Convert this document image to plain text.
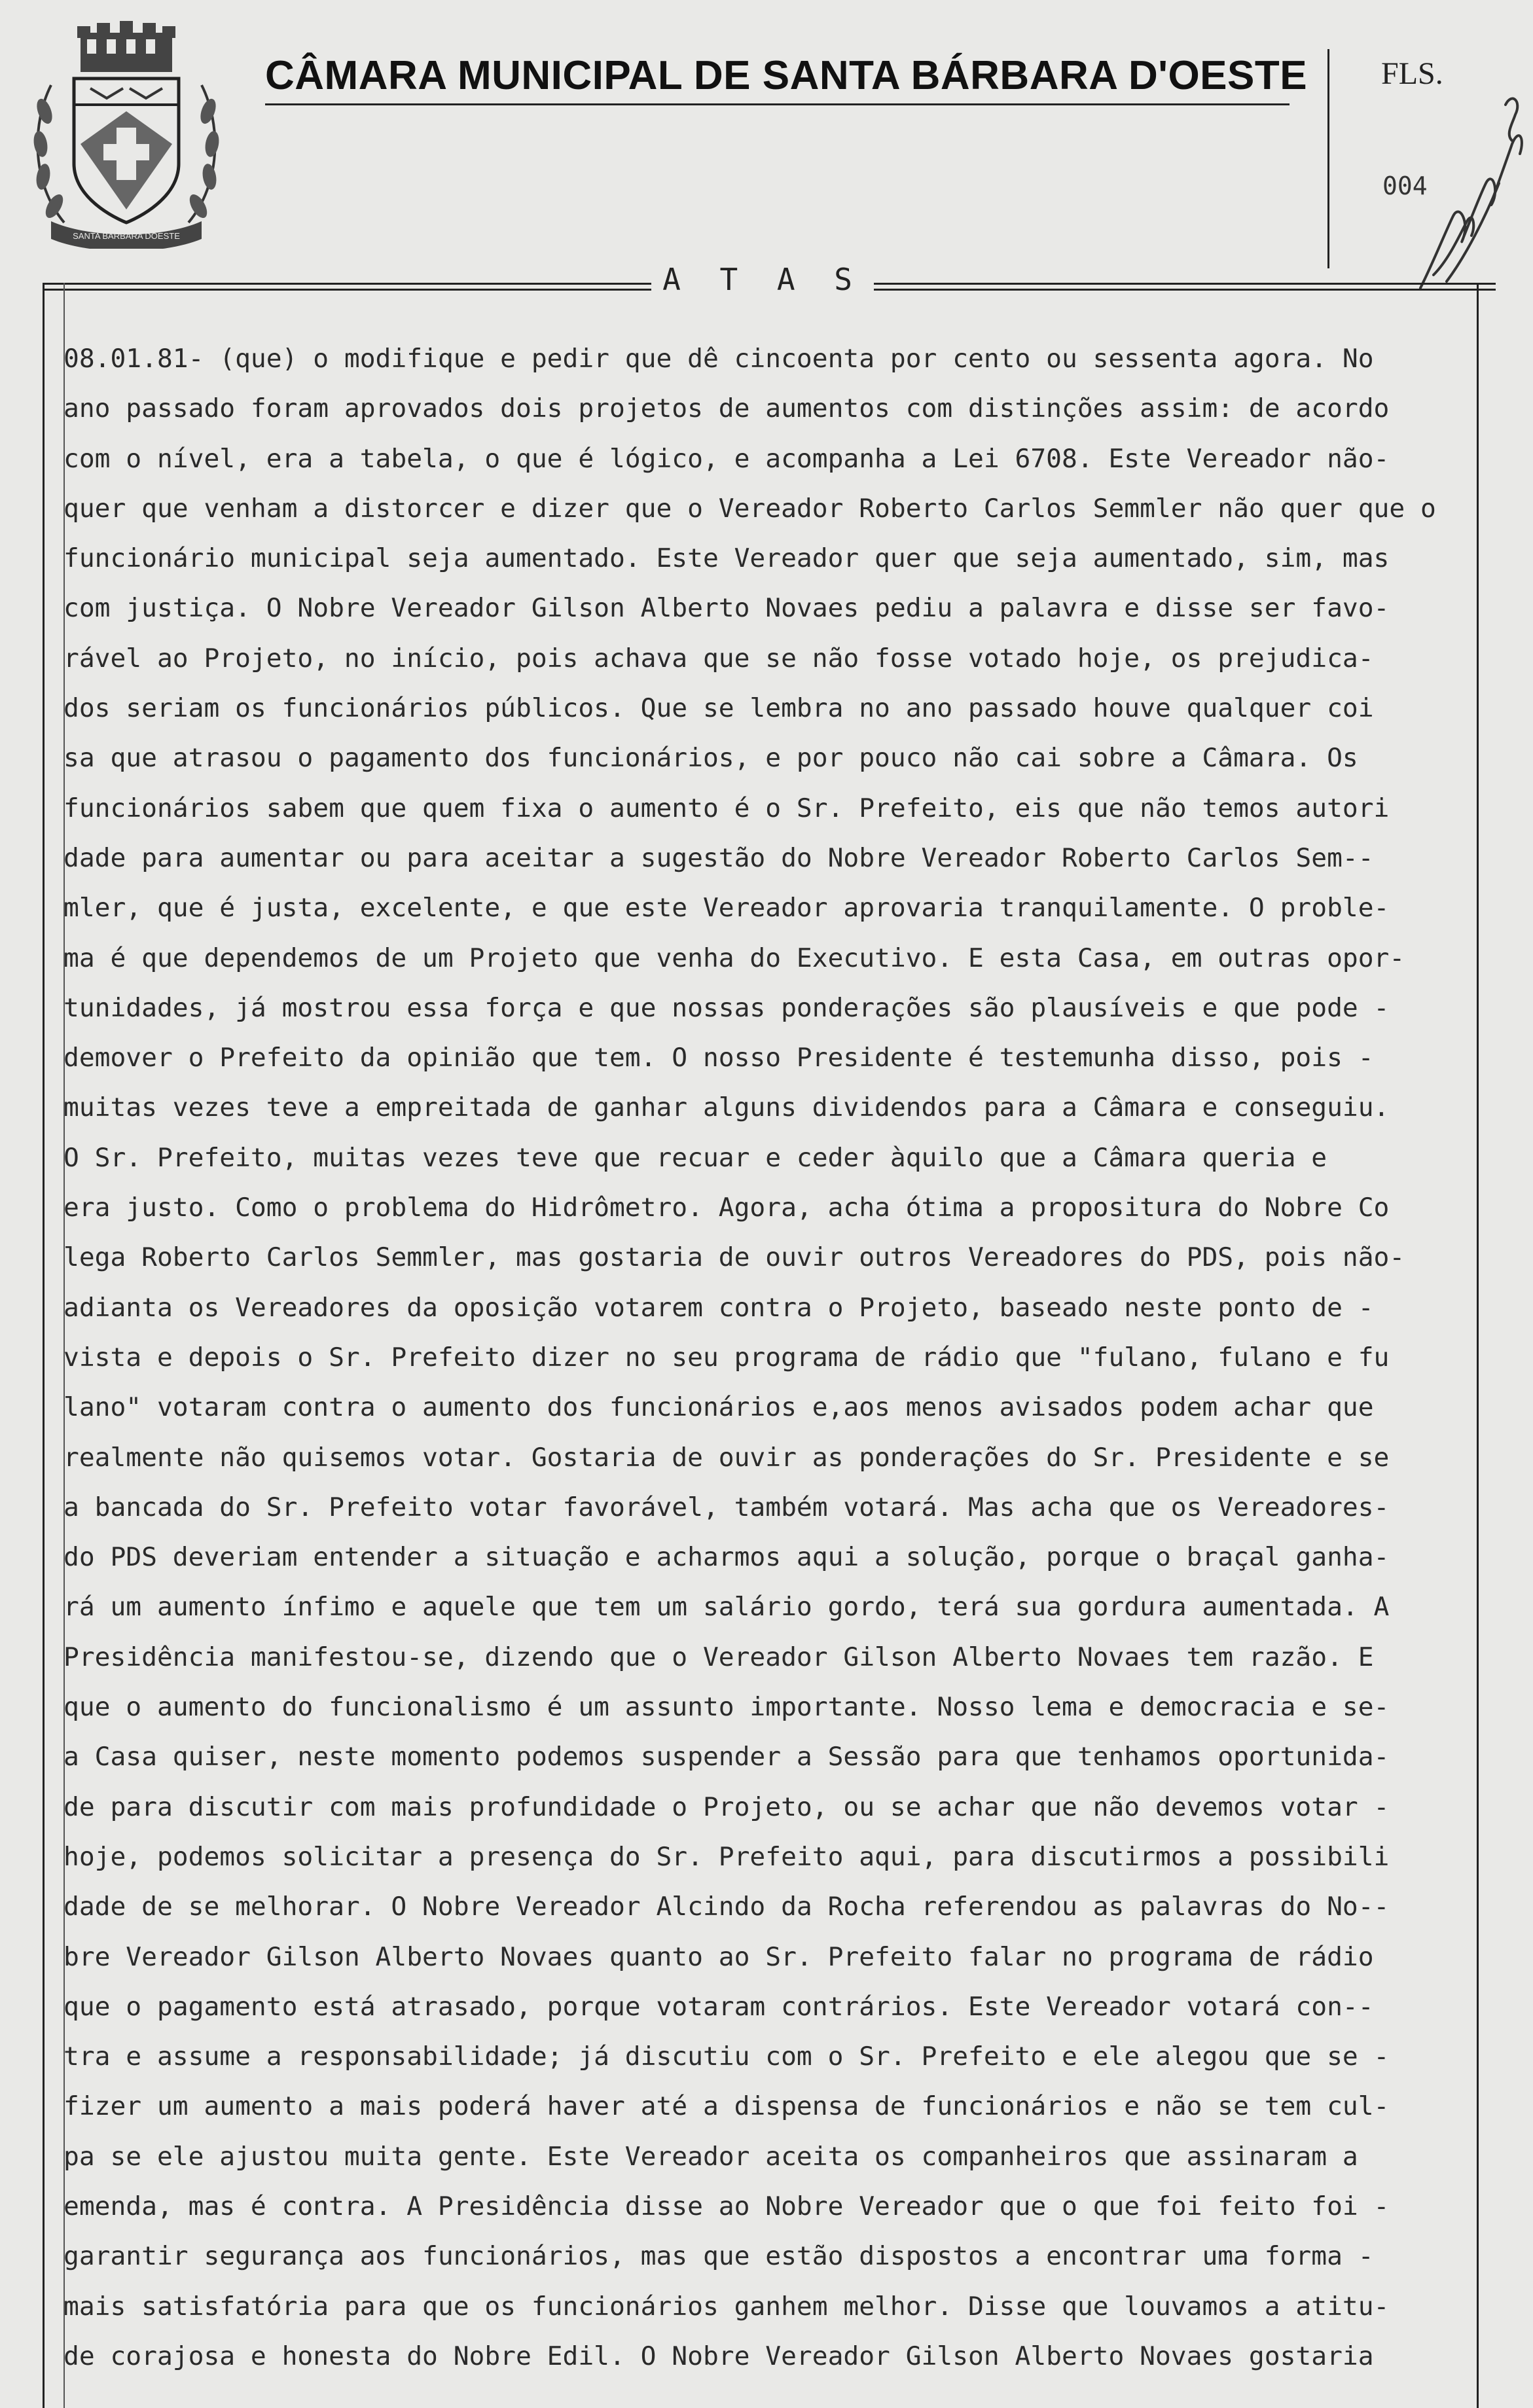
SANTA BARBARA DOESTE
CÂMARA MUNICIPAL DE SANTA BÁRBARA D'OESTE FLS.
004
A T A S
08.01.81- (que) o modifique e pedir que dê cincoenta por cento ou sessenta agora. No
ano passado foram aprovados dois projetos de aumentos com distinções assim: de acordo
com o nível, era a tabela, o que é lógico, e acompanha a Lei 6708. Este Vereador não-
quer que venham a distorcer e dizer que o Vereador Roberto Carlos Semmler não quer que o
funcionário municipal seja aumentado. Este Vereador quer que seja aumentado, sim, mas
com justiça. O Nobre Vereador Gilson Alberto Novaes pediu a palavra e disse ser favo-
rável ao Projeto, no início, pois achava que se não fosse votado hoje, os prejudica-
dos seriam os funcionários públicos. Que se lembra no ano passado houve qualquer coi
sa que atrasou o pagamento dos funcionários, e por pouco não cai sobre a Câmara. Os
funcionários sabem que quem fixa o aumento é o Sr. Prefeito, eis que não temos autori
dade para aumentar ou para aceitar a sugestão do Nobre Vereador Roberto Carlos Sem--
mler, que é justa, excelente, e que este Vereador aprovaria tranquilamente. O proble-
ma é que dependemos de um Projeto que venha do Executivo. E esta Casa, em outras opor-
tunidades, já mostrou essa força e que nossas ponderações são plausíveis e que pode -
demover o Prefeito da opinião que tem. O nosso Presidente é testemunha disso, pois -
muitas vezes teve a empreitada de ganhar alguns dividendos para a Câmara e conseguiu.
O Sr. Prefeito, muitas vezes teve que recuar e ceder àquilo que a Câmara queria e
era justo. Como o problema do Hidrômetro. Agora, acha ótima a propositura do Nobre Co
lega Roberto Carlos Semmler, mas gostaria de ouvir outros Vereadores do PDS, pois não-
adianta os Vereadores da oposição votarem contra o Projeto, baseado neste ponto de -
vista e depois o Sr. Prefeito dizer no seu programa de rádio que "fulano, fulano e fu
lano" votaram contra o aumento dos funcionários e,aos menos avisados podem achar que
realmente não quisemos votar. Gostaria de ouvir as ponderações do Sr. Presidente e se
a bancada do Sr. Prefeito votar favorável, também votará. Mas acha que os Vereadores-
do PDS deveriam entender a situação e acharmos aqui a solução, porque o braçal ganha-
rá um aumento ínfimo e aquele que tem um salário gordo, terá sua gordura aumentada. A
Presidência manifestou-se, dizendo que o Vereador Gilson Alberto Novaes tem razão. E
que o aumento do funcionalismo é um assunto importante. Nosso lema e democracia e se-
a Casa quiser, neste momento podemos suspender a Sessão para que tenhamos oportunida-
de para discutir com mais profundidade o Projeto, ou se achar que não devemos votar -
hoje, podemos solicitar a presença do Sr. Prefeito aqui, para discutirmos a possibili
dade de se melhorar. O Nobre Vereador Alcindo da Rocha referendou as palavras do No--
bre Vereador Gilson Alberto Novaes quanto ao Sr. Prefeito falar no programa de rádio
que o pagamento está atrasado, porque votaram contrários. Este Vereador votará con--
tra e assume a responsabilidade; já discutiu com o Sr. Prefeito e ele alegou que se -
fizer um aumento a mais poderá haver até a dispensa de funcionários e não se tem cul-
pa se ele ajustou muita gente. Este Vereador aceita os companheiros que assinaram a
emenda, mas é contra. A Presidência disse ao Nobre Vereador que o que foi feito foi -
garantir segurança aos funcionários, mas que estão dispostos a encontrar uma forma -
mais satisfatória para que os funcionários ganhem melhor. Disse que louvamos a atitu-
de corajosa e honesta do Nobre Edil. O Nobre Vereador Gilson Alberto Novaes gostaria
